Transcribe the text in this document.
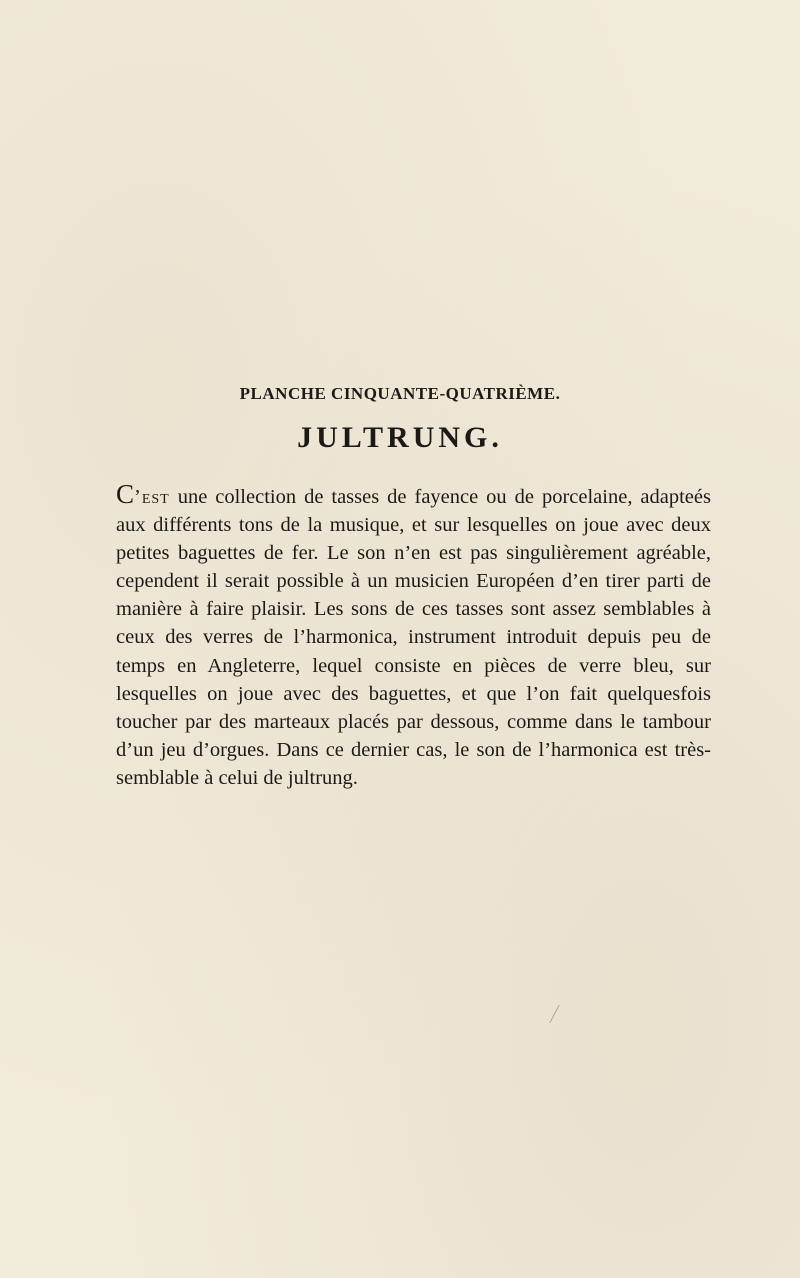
PLANCHE CINQUANTE-QUATRIÈME.
JULTRUNG.

C’est une collection de tasses de fayence ou de porcelaine, adapteés aux différents tons de la musique, et sur lesquelles on joue avec deux petites baguettes de fer. Le son n’en est pas singulièrement agréable, cependent il serait possible à un musicien Européen d’en tirer parti de manière à faire plaisir. Les sons de ces tasses sont assez semblables à ceux des verres de l’harmonica, instrument introduit depuis peu de temps en Angleterre, lequel consiste en pièces de verre bleu, sur lesquelles on joue avec des baguettes, et que l’on fait quelquesfois toucher par des marteaux placés par dessous, comme dans le tambour d’un jeu d’orgues. Dans ce dernier cas, le son de l’harmonica est très-semblable à celui de jultrung.
